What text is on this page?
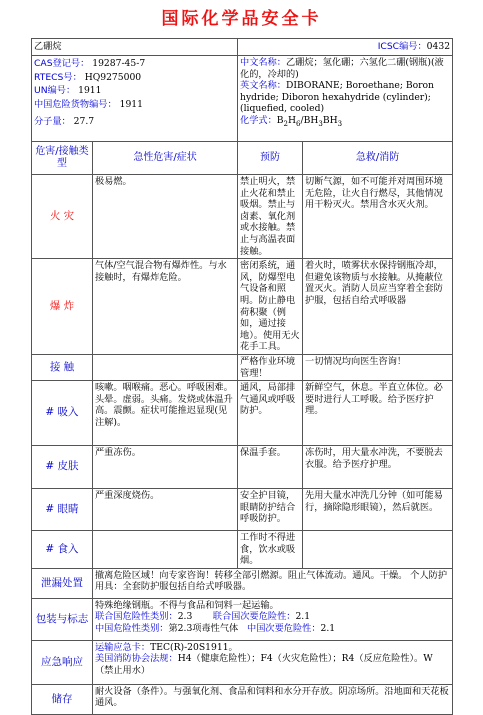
国际化学品安全卡
乙硼烷		ICSC编号：0432	

CAS登记号： 19287-45-7
RTECS号： HQ9275000
UN编号： 1911
中国危险货物编号： 1911
分子量： 27.7		中文名称：乙硼烷；氢化硼；六氢化二硼(钢瓶)(液化的，冷却的)
英文名称：DIBORANE; Boroethane; Boron hydride; Diboron hexahydride (cylinder); (liquefied, cooled)
化学式：$B_2H_6/BH_3BH_3$
危害/接触类型	急性危害/症状	预防	急救/消防
火 灾	极易燃。	禁止明火，禁止火花和禁止吸烟。禁止与卤素、氧化剂或水接触。禁止与高温表面接触。	切断气源，如不可能并对周围环境无危险，让火自行燃尽，其他情况用干粉灭火。禁用含水灭火剂。
爆 炸	气体/空气混合物有爆炸性。与水接触时，有爆炸危险。	密闭系统，通风，防爆型电气设备和照明。防止静电荷积聚（例如，通过接地）。使用无火花手工具。	着火时，喷雾状水保持钢瓶冷却，但避免该物质与水接触。从掩蔽位置灭火。消防人员应当穿着全套防护服，包括自给式呼吸器
接 触		严格作业环境管理！	一切情况均向医生咨询！
# 吸入	咳嗽。咽喉痛。恶心。呼吸困难。头晕。虚弱。头痛。发烧或体温升高。震颤。症状可能推迟显现(见注解)。	通风，局部排气通风或呼吸防护。	新鲜空气，休息。半直立体位。必要时进行人工呼吸。给予医疗护理。
# 皮肤	严重冻伤。	保温手套。	冻伤时，用大量水冲洗，不要脱去衣服。给予医疗护理。
# 眼睛	严重深度烧伤。	安全护目镜，眼睛防护结合呼吸防护。	先用大量水冲洗几分钟（如可能易行，摘除隐形眼镜），然后就医。
# 食入		工作时不得进食，饮水或吸烟。	
泄漏处置	撤离危险区域！向专家咨询！转移全部引燃源。阻止气体流动。通风。干燥。 个人防护用具：全套防护服包括自给式呼吸器。		
包装与标志	特殊绝缘钢瓶。不得与食品和饲料一起运输。
联合国危险性类别：2.3 联合国次要危险性：2.1
中国危险性类别：第2.3项毒性气体 中国次要危险性：2.1		

应急响应	运输应急卡：TEC(R)-20S1911。
美国消防协会法规：H4（健康危险性）；F4（火灾危险性）；R4（反应危险性）。W（禁止用水）		

储存	耐火设备（条件）。与强氧化剂、食品和饲料和水分开存放。阴凉场所。沿地面和天花板通风。		
